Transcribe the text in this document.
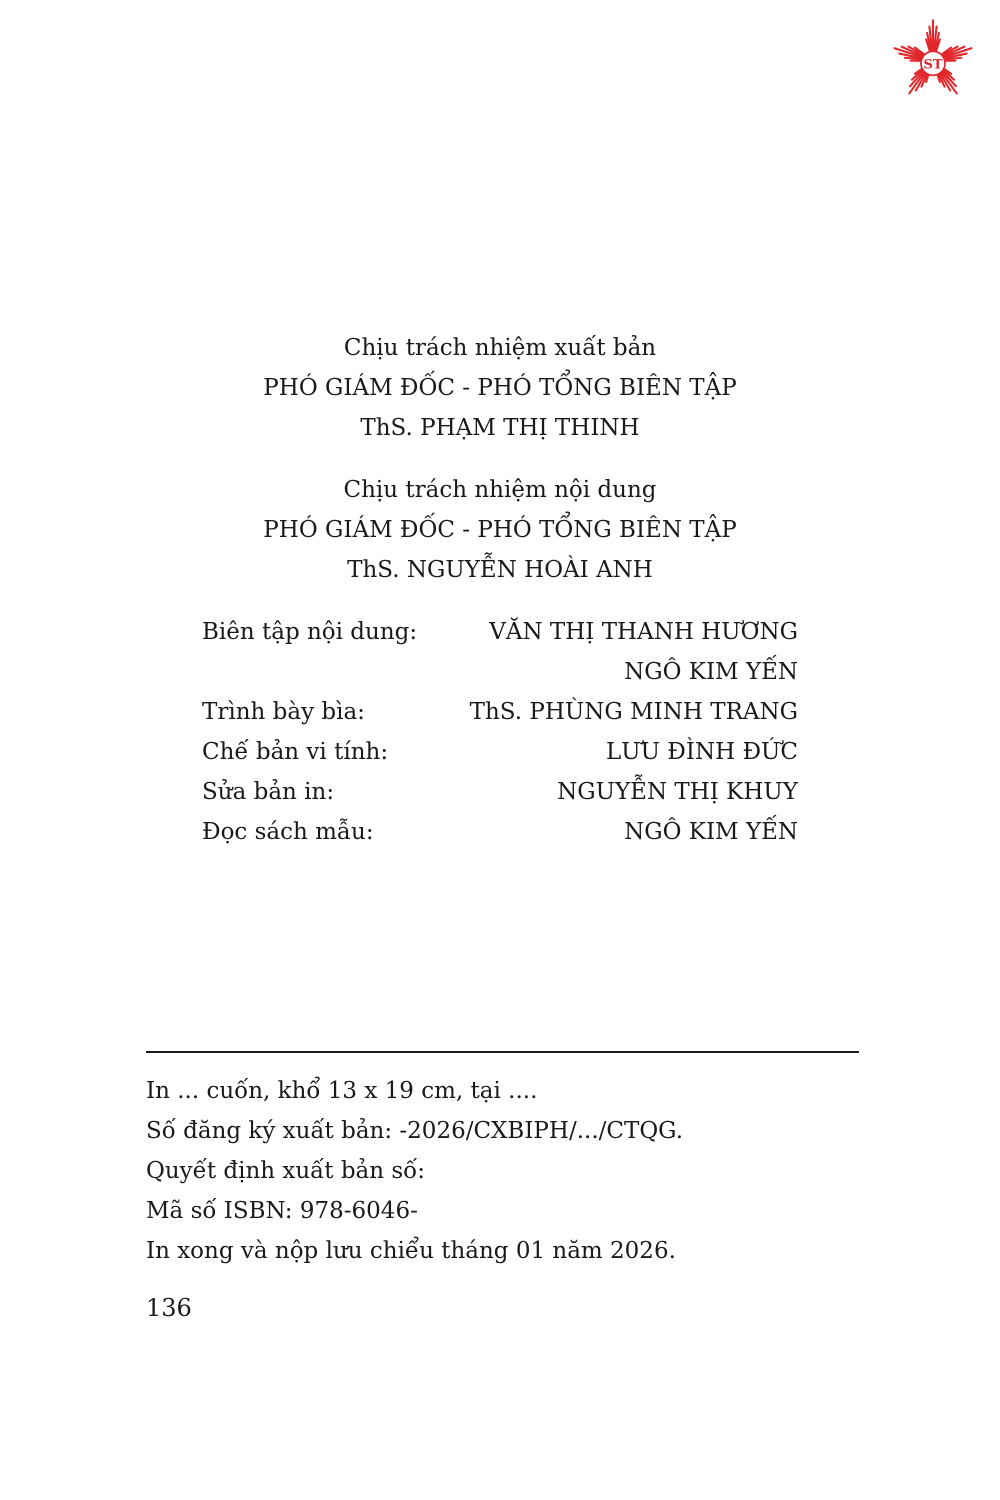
ST
Chịu trách nhiệm xuất bản
PHÓ GIÁM ĐỐC - PHÓ TỔNG BIÊN TẬP
ThS. PHẠM THỊ THINH
Chịu trách nhiệm nội dung
PHÓ GIÁM ĐỐC - PHÓ TỔNG BIÊN TẬP
ThS. NGUYỄN HOÀI ANH
Biên tập nội dung:	VĂN THỊ THANH HƯƠNG
NGÔ KIM YẾN
Trình bày bìa:	ThS. PHÙNG MINH TRANG
Chế bản vi tính:	LƯU ĐÌNH ĐỨC
Sửa bản in:	NGUYỄN THỊ KHUY
Đọc sách mẫu:	NGÔ KIM YẾN
In ... cuốn, khổ 13 x 19 cm, tại ....
Số đăng ký xuất bản: -2026/CXBIPH/.../CTQG.
Quyết định xuất bản số:
Mã số ISBN: 978-6046-
In xong và nộp lưu chiểu tháng 01 năm 2026.
136
